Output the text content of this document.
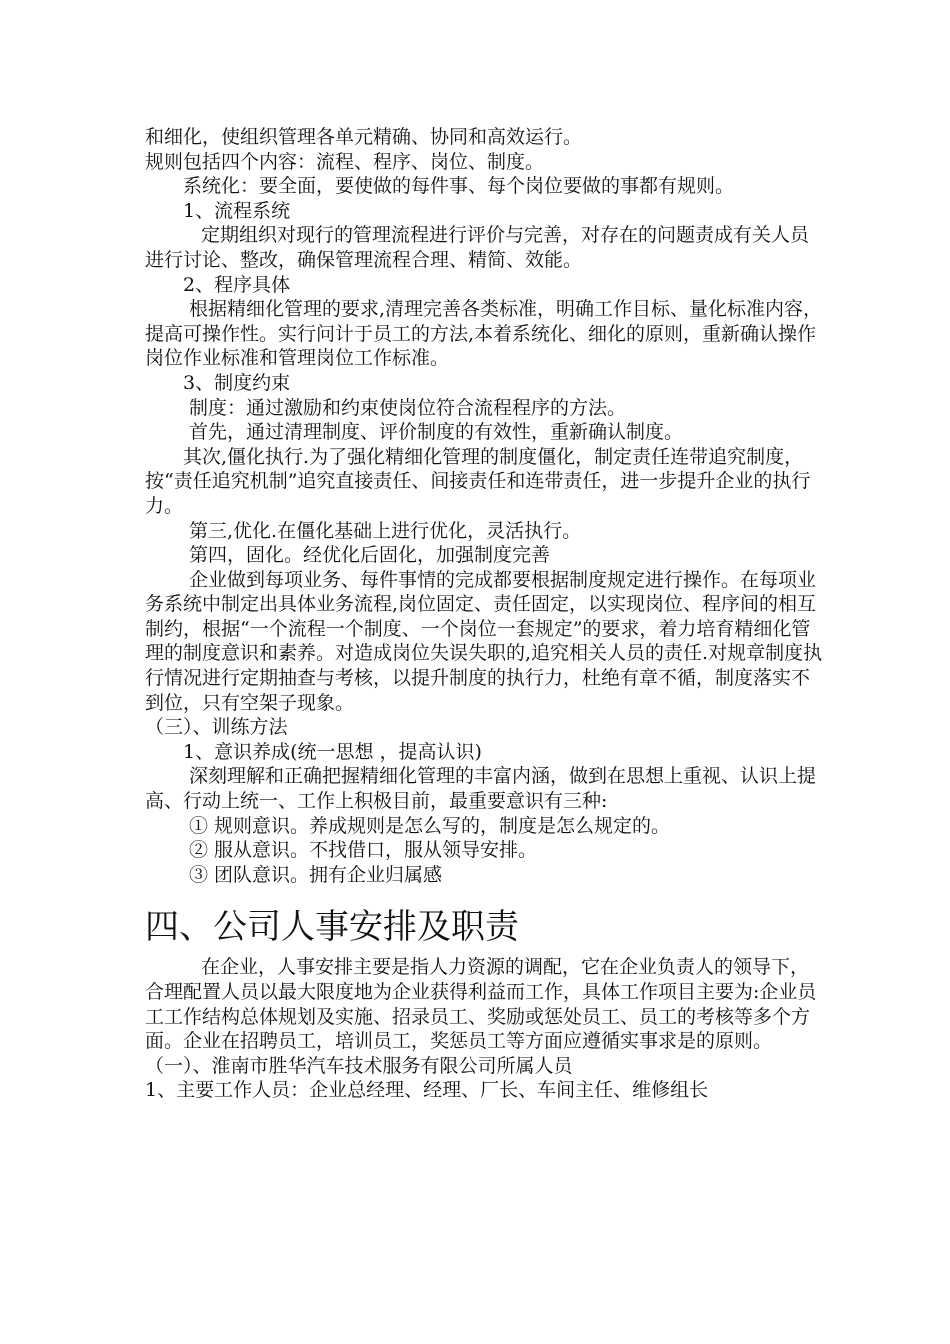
和细化，使组织管理各单元精确、协同和高效运行。

规则包括四个内容：流程、程序、岗位、制度。

系统化：要全面，要使做的每件事、每个岗位要做的事都有规则。

1、流程系统

定期组织对现行的管理流程进行评价与完善，对存在的问题责成有关人员进行讨论、整改，确保管理流程合理、精简、效能。

2、程序具体

根据精细化管理的要求,清理完善各类标准，明确工作目标、量化标准内容，提高可操作性。实行问计于员工的方法,本着系统化、细化的原则，重新确认操作岗位作业标准和管理岗位工作标准。

3、制度约束

制度：通过激励和约束使岗位符合流程程序的方法。

首先，通过清理制度、评价制度的有效性，重新确认制度。

其次,僵化执行.为了强化精细化管理的制度僵化，制定责任连带追究制度，按“责任追究机制”追究直接责任、间接责任和连带责任，进一步提升企业的执行力。

第三,优化.在僵化基础上进行优化，灵活执行。

第四，固化。经优化后固化，加强制度完善

企业做到每项业务、每件事情的完成都要根据制度规定进行操作。在每项业务系统中制定出具体业务流程,岗位固定、责任固定，以实现岗位、程序间的相互制约，根据“一个流程一个制度、一个岗位一套规定”的要求，着力培育精细化管理的制度意识和素养。对造成岗位失误失职的,追究相关人员的责任.对规章制度执行情况进行定期抽查与考核，以提升制度的执行力，杜绝有章不循，制度落实不到位，只有空架子现象。

（三）、训练方法

1、意识养成(统一思想 ，提高认识)

深刻理解和正确把握精细化管理的丰富内涵，做到在思想上重视、认识上提高、行动上统一、工作上积极目前，最重要意识有三种:

① 规则意识。养成规则是怎么写的，制度是怎么规定的。

② 服从意识。不找借口，服从领导安排。

③ 团队意识。拥有企业归属感

四、公司人事安排及职责

在企业，人事安排主要是指人力资源的调配，它在企业负责人的领导下，合理配置人员以最大限度地为企业获得利益而工作，具体工作项目主要为:企业员工工作结构总体规划及实施、招录员工、奖励或惩处员工、员工的考核等多个方面。企业在招聘员工，培训员工，奖惩员工等方面应遵循实事求是的原则。

（一）、淮南市胜华汽车技术服务有限公司所属人员

1、主要工作人员：企业总经理、经理、厂长、车间主任、维修组长
